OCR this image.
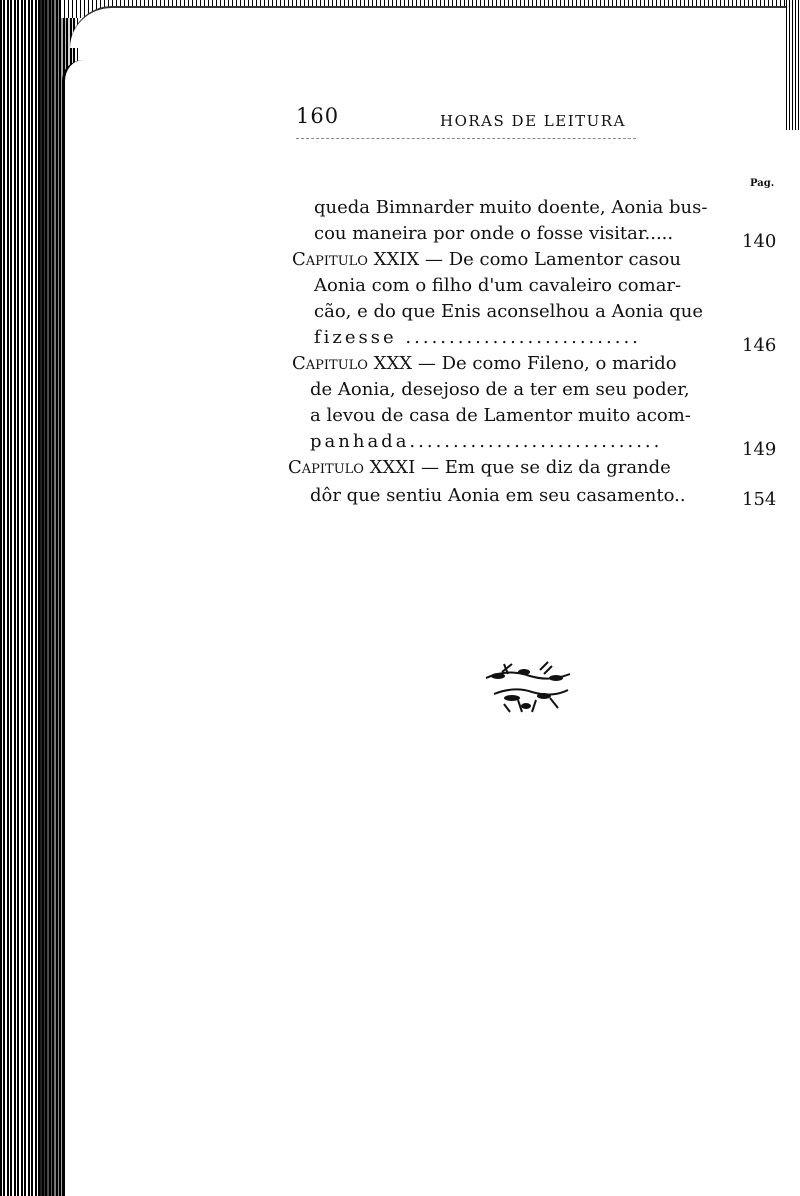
160	HORAS DE LEITURA
Pag.
queda Bimnarder muito doente, Aonia bus-
cou maneira por onde o fosse visitar.....	140
Capitulo XXIX — De como Lamentor casou
Aonia com o filho d'um cavaleiro comar-
cão, e do que Enis aconselhou a Aonia que
fizesse ...........................	146
Capitulo XXX — De como Fileno, o marido
de Aonia, desejoso de a ter em seu poder,
a levou de casa de Lamentor muito acom-
panhada.............................	149
Capitulo XXXI — Em que se diz da grande
dôr que sentiu Aonia em seu casamento..	154
